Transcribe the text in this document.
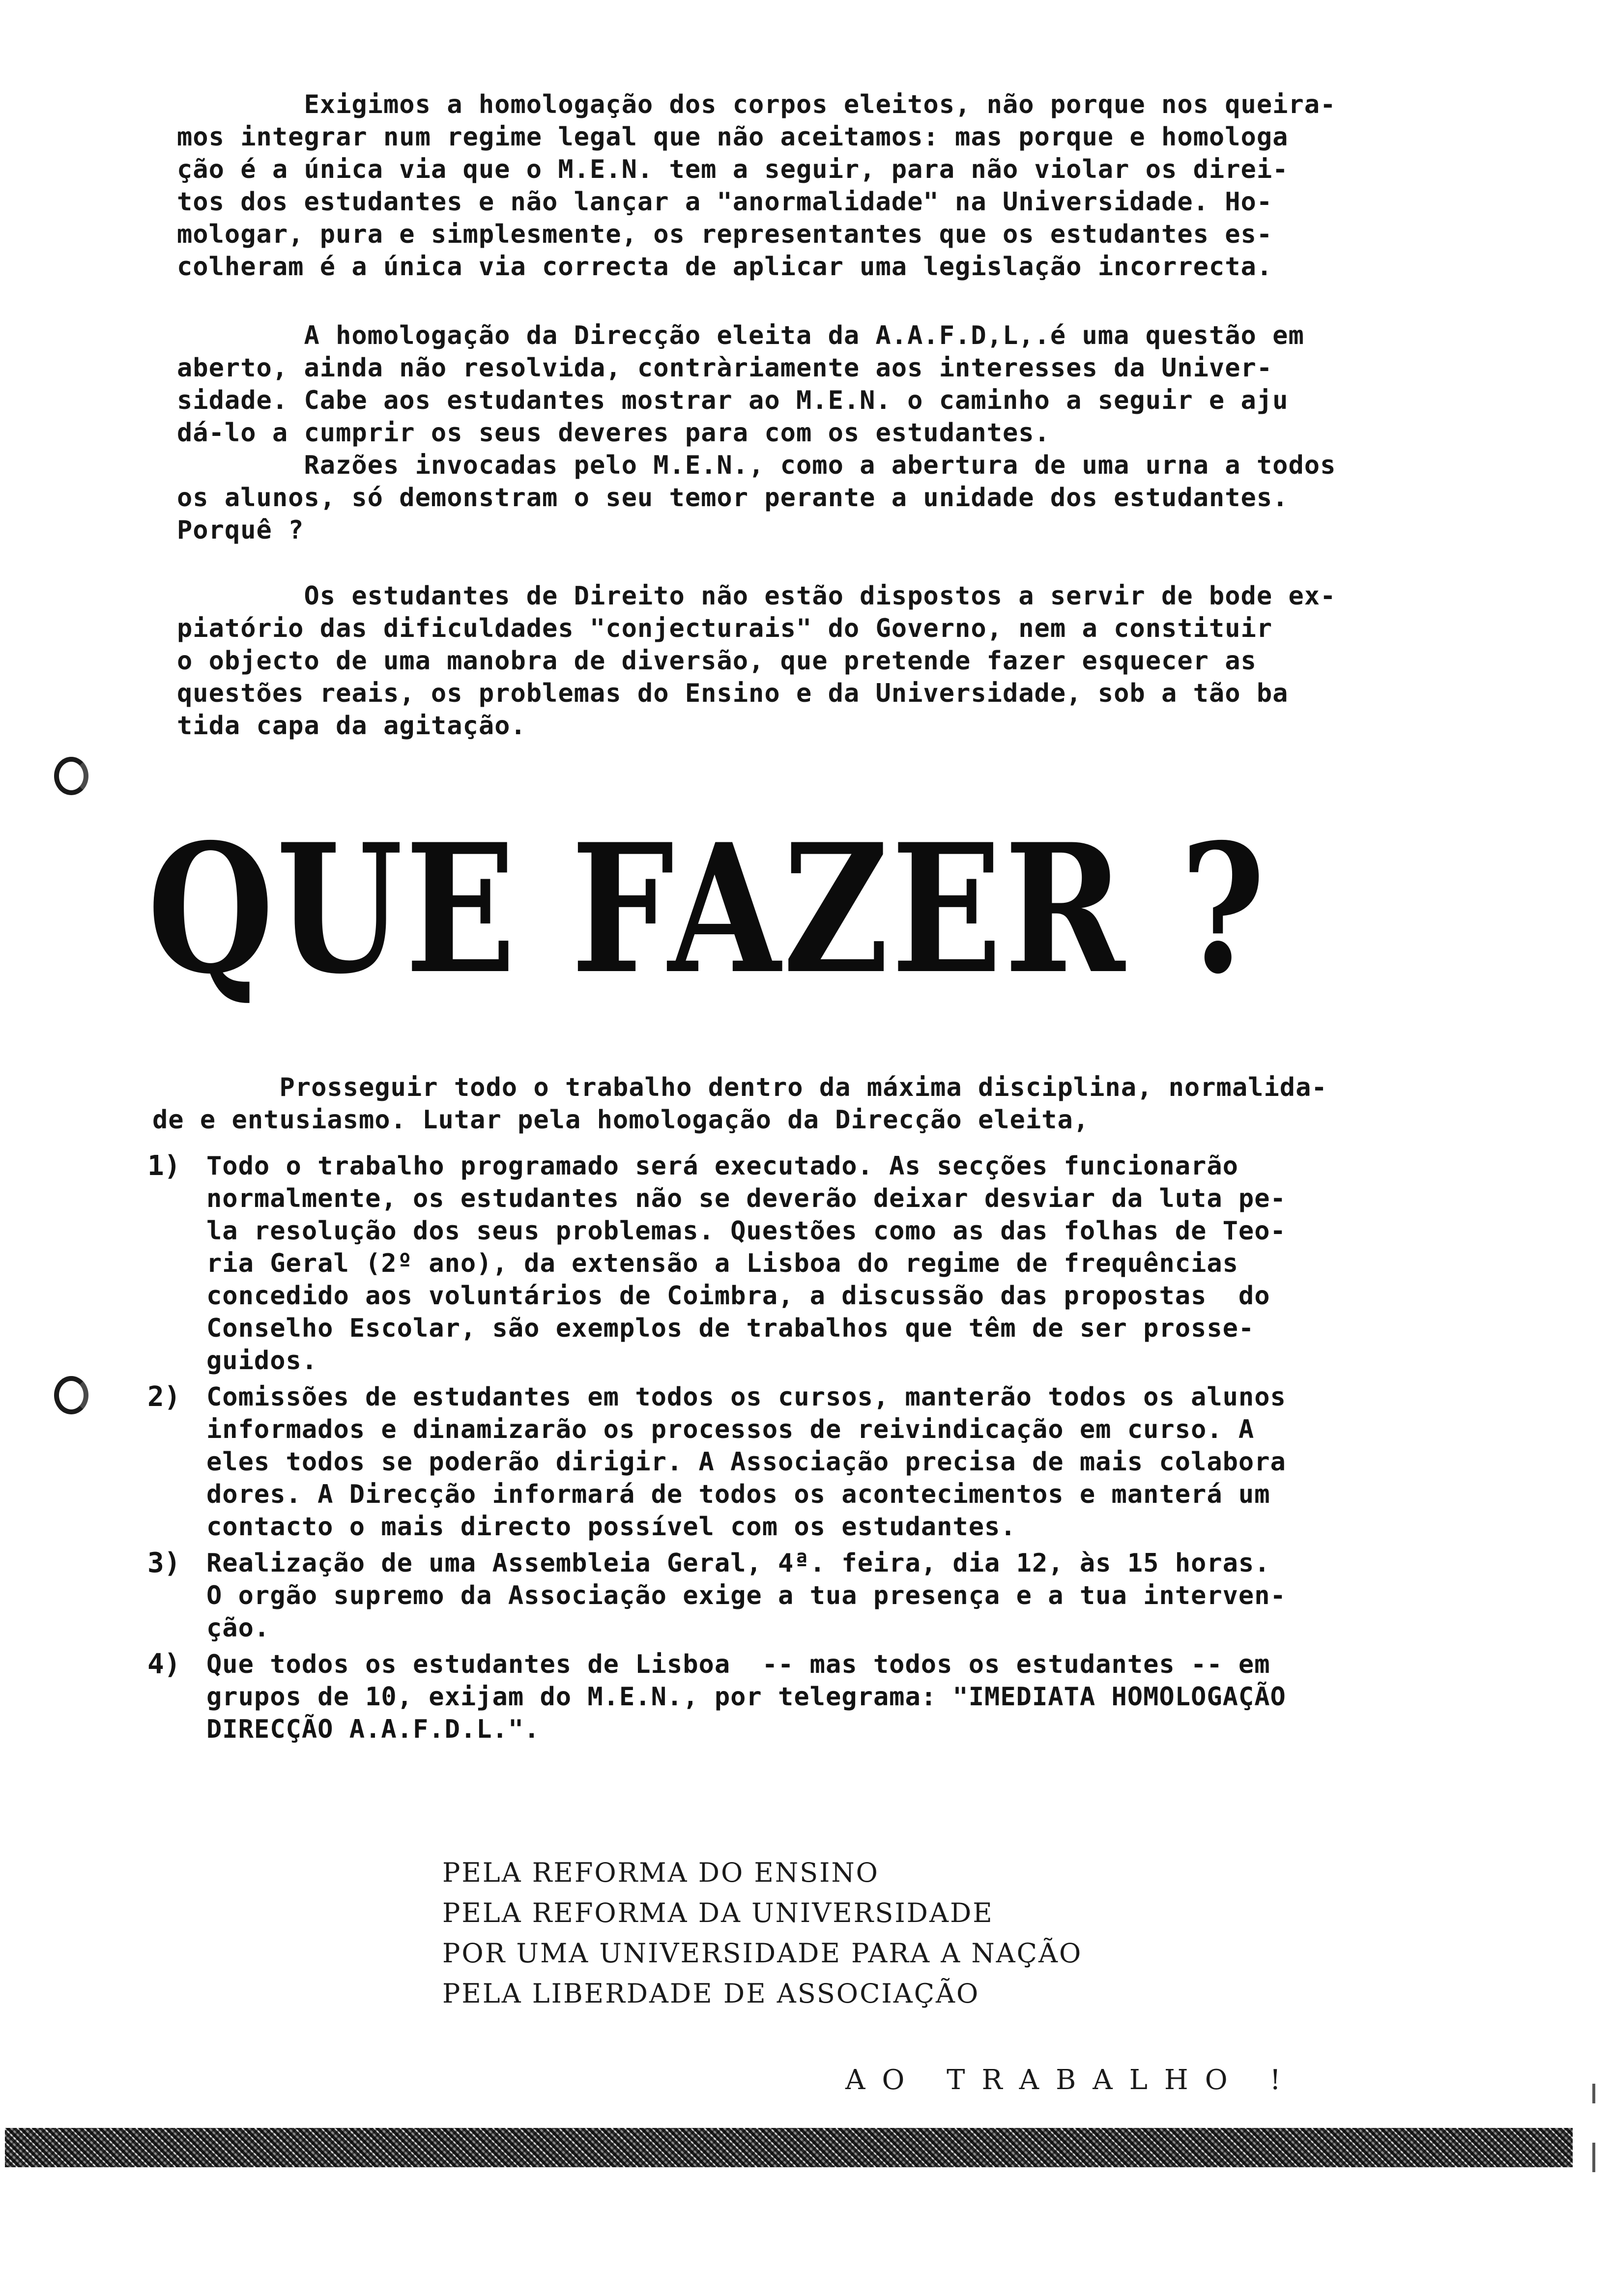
Exigimos a homologação dos corpos eleitos, não porque nos queira-
mos integrar num regime legal que não aceitamos: mas porque e homologa
ção é a única via que o M.E.N. tem a seguir, para não violar os direi-
tos dos estudantes e não lançar a "anormalidade" na Universidade. Ho-
mologar, pura e simplesmente, os representantes que os estudantes es-
colheram é a única via correcta de aplicar uma legislação incorrecta.

A homologação da Direcção eleita da A.A.F.D,L,.é uma questão em
aberto, ainda não resolvida, contràriamente aos interesses da Univer-
sidade. Cabe aos estudantes mostrar ao M.E.N. o caminho a seguir e aju
dá-lo a cumprir os seus deveres para com os estudantes.
Razões invocadas pelo M.E.N., como a abertura de uma urna a todos
os alunos, só demonstram o seu temor perante a unidade dos estudantes.
Porquê ?

Os estudantes de Direito não estão dispostos a servir de bode ex-
piatório das dificuldades "conjecturais" do Governo, nem a constituir
o objecto de uma manobra de diversão, que pretende fazer esquecer as
questões reais, os problemas do Ensino e da Universidade, sob a tão ba
tida capa da agitação.

QUE FAZER ?

Prosseguir todo o trabalho dentro da máxima disciplina, normalida-
de e entusiasmo. Lutar pela homologação da Direcção eleita,

1)	Todo o trabalho programado será executado. As secções funcionarão
normalmente, os estudantes não se deverão deixar desviar da luta pe-
la resolução dos seus problemas. Questões como as das folhas de Teo-
ria Geral (2º ano), da extensão a Lisboa do regime de frequências
concedido aos voluntários de Coimbra, a discussão das propostas  do
Conselho Escolar, são exemplos de trabalhos que têm de ser prosse-
guidos.
2)	Comissões de estudantes em todos os cursos, manterão todos os alunos
informados e dinamizarão os processos de reivindicação em curso. A
eles todos se poderão dirigir. A Associação precisa de mais colabora
dores. A Direcção informará de todos os acontecimentos e manterá um
contacto o mais directo possível com os estudantes.
3)	Realização de uma Assembleia Geral, 4ª. feira, dia 12, às 15 horas.
O orgão supremo da Associação exige a tua presença e a tua interven-
ção.
4)	Que todos os estudantes de Lisboa  -- mas todos os estudantes -- em
grupos de 10, exijam do M.E.N., por telegrama: "IMEDIATA HOMOLOGAÇÃO
DIRECÇÃO A.A.F.D.L.".
PELA REFORMA DO ENSINO
PELA REFORMA DA UNIVERSIDADE
POR UMA UNIVERSIDADE PARA A NAÇÃO
PELA LIBERDADE DE ASSOCIAÇÃO
AO TRABALHO !
